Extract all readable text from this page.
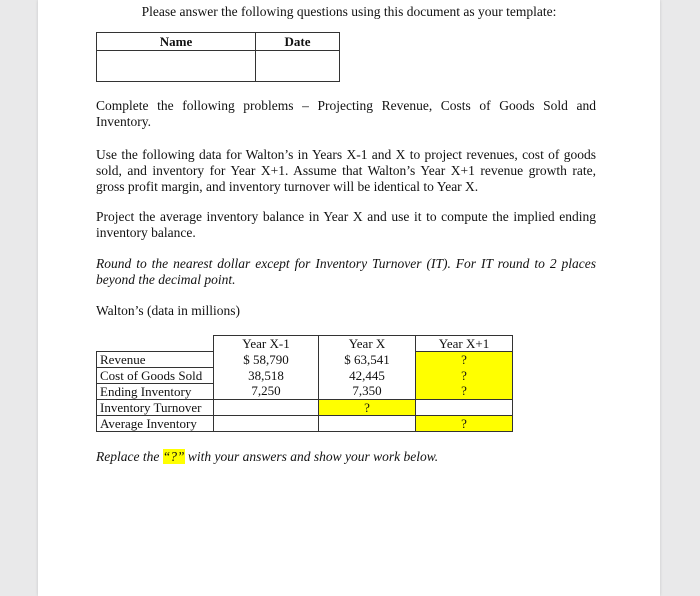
Please answer the following questions using this document as your template:
Name	Date

Complete the following problems – Projecting Revenue, Costs of Goods Sold and Inventory.

Use the following data for Walton’s in Years X-1 and X to project revenues, cost of goods sold, and inventory for Year X+1. Assume that Walton’s Year X+1 revenue growth rate, gross profit margin, and inventory turnover will be identical to Year X.

Project the average inventory balance in Year X and use it to compute the implied ending inventory balance.

Round to the nearest dollar except for Inventory Turnover (IT). For IT round to 2 places beyond the decimal point.

Walton’s (data in millions)

	Year X-1	Year X	Year X+1
Revenue	$ 58,790	$ 63,541	?
Cost of Goods Sold	38,518	42,445	?
Ending Inventory	7,250	7,350	?
Inventory Turnover		?	
Average Inventory			?

Replace the “?” with your answers and show your work below.
